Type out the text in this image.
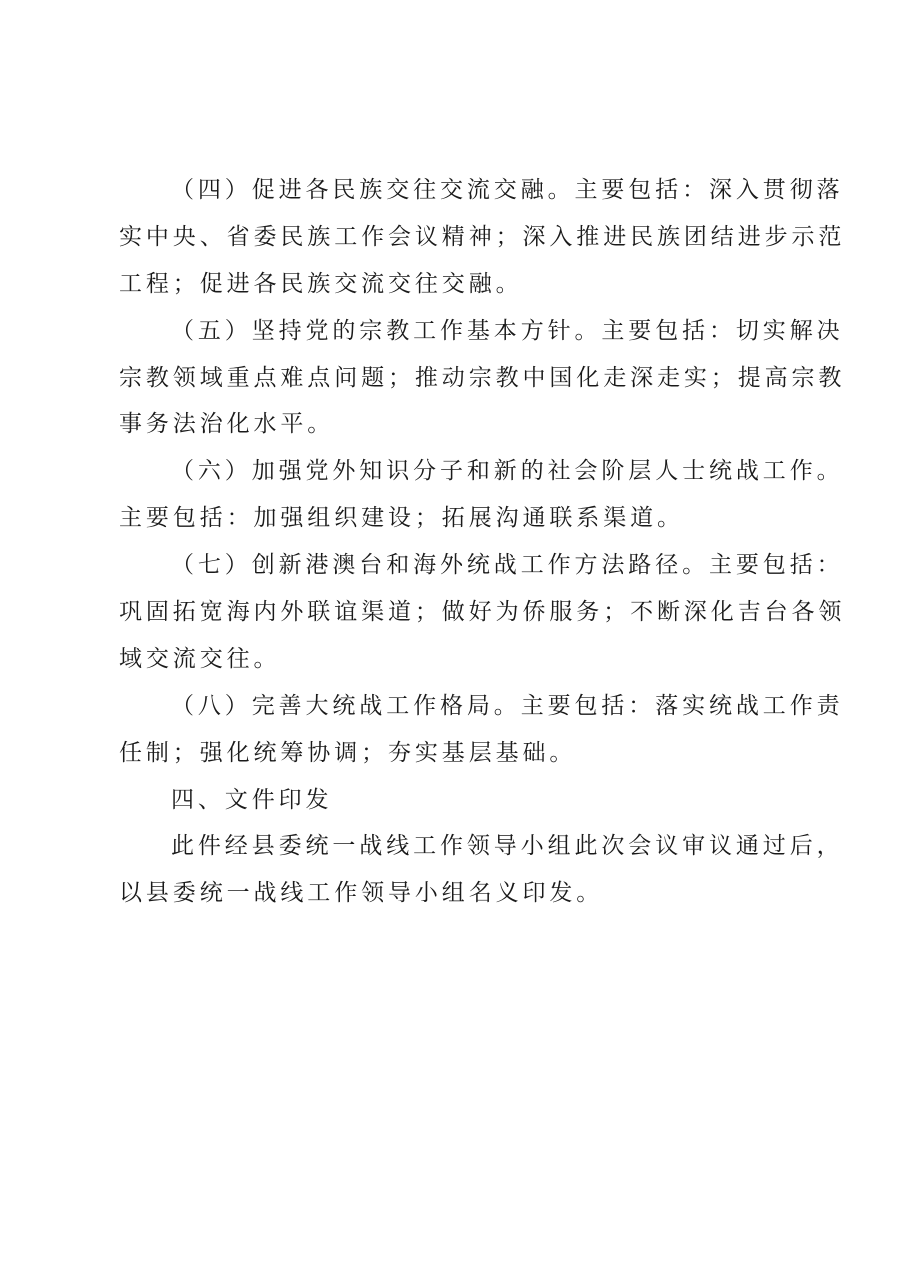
（四）促进各民族交往交流交融。主要包括：深入贯彻落
实中央、省委民族工作会议精神；深入推进民族团结进步示范
工程；促进各民族交流交往交融。
（五）坚持党的宗教工作基本方针。主要包括：切实解决
宗教领域重点难点问题；推动宗教中国化走深走实；提高宗教
事务法治化水平。
（六）加强党外知识分子和新的社会阶层人士统战工作。
主要包括：加强组织建设；拓展沟通联系渠道。
（七）创新港澳台和海外统战工作方法路径。主要包括：
巩固拓宽海内外联谊渠道；做好为侨服务；不断深化吉台各领
域交流交往。
（八）完善大统战工作格局。主要包括：落实统战工作责
任制；强化统筹协调；夯实基层基础。
四、文件印发
此件经县委统一战线工作领导小组此次会议审议通过后，
以县委统一战线工作领导小组名义印发。
